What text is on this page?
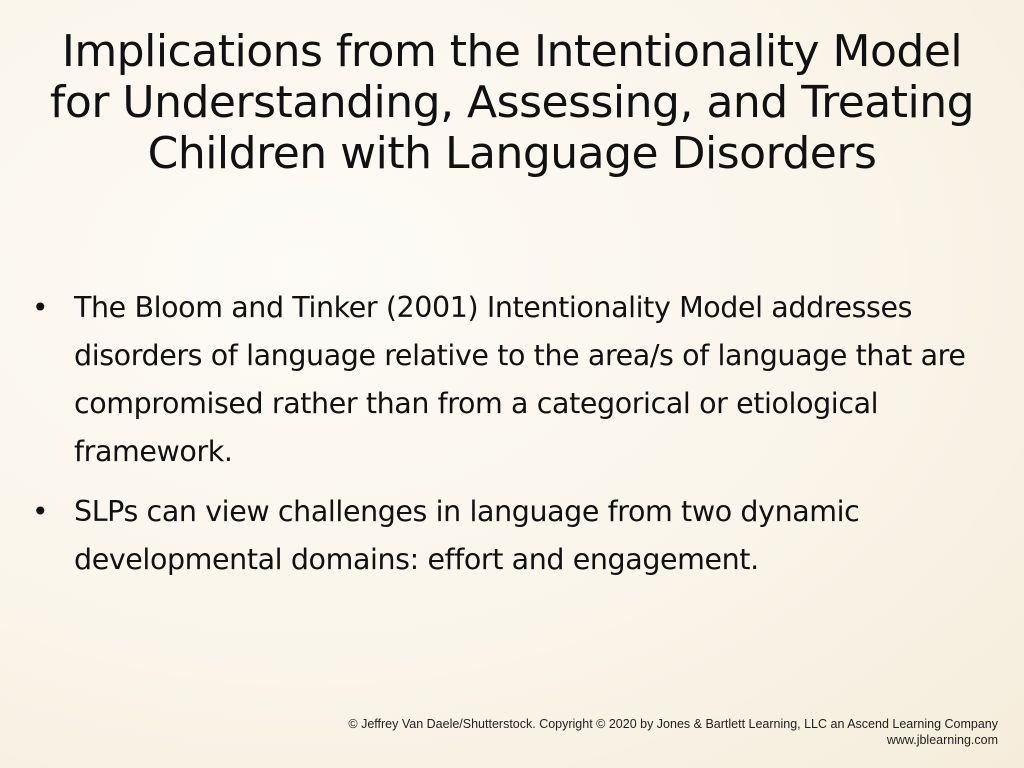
Implications from the Intentionality Model for Understanding, Assessing, and Treating Children with Language Disorders
• The Bloom and Tinker (2001) Intentionality Model addresses disorders of language relative to the area/s of language that are compromised rather than from a categorical or etiological framework.
• SLPs can view challenges in language from two dynamic developmental domains: effort and engagement.
© Jeffrey Van Daele/Shutterstock. Copyright © 2020 by Jones & Bartlett Learning, LLC an Ascend Learning Company
www.jblearning.com
